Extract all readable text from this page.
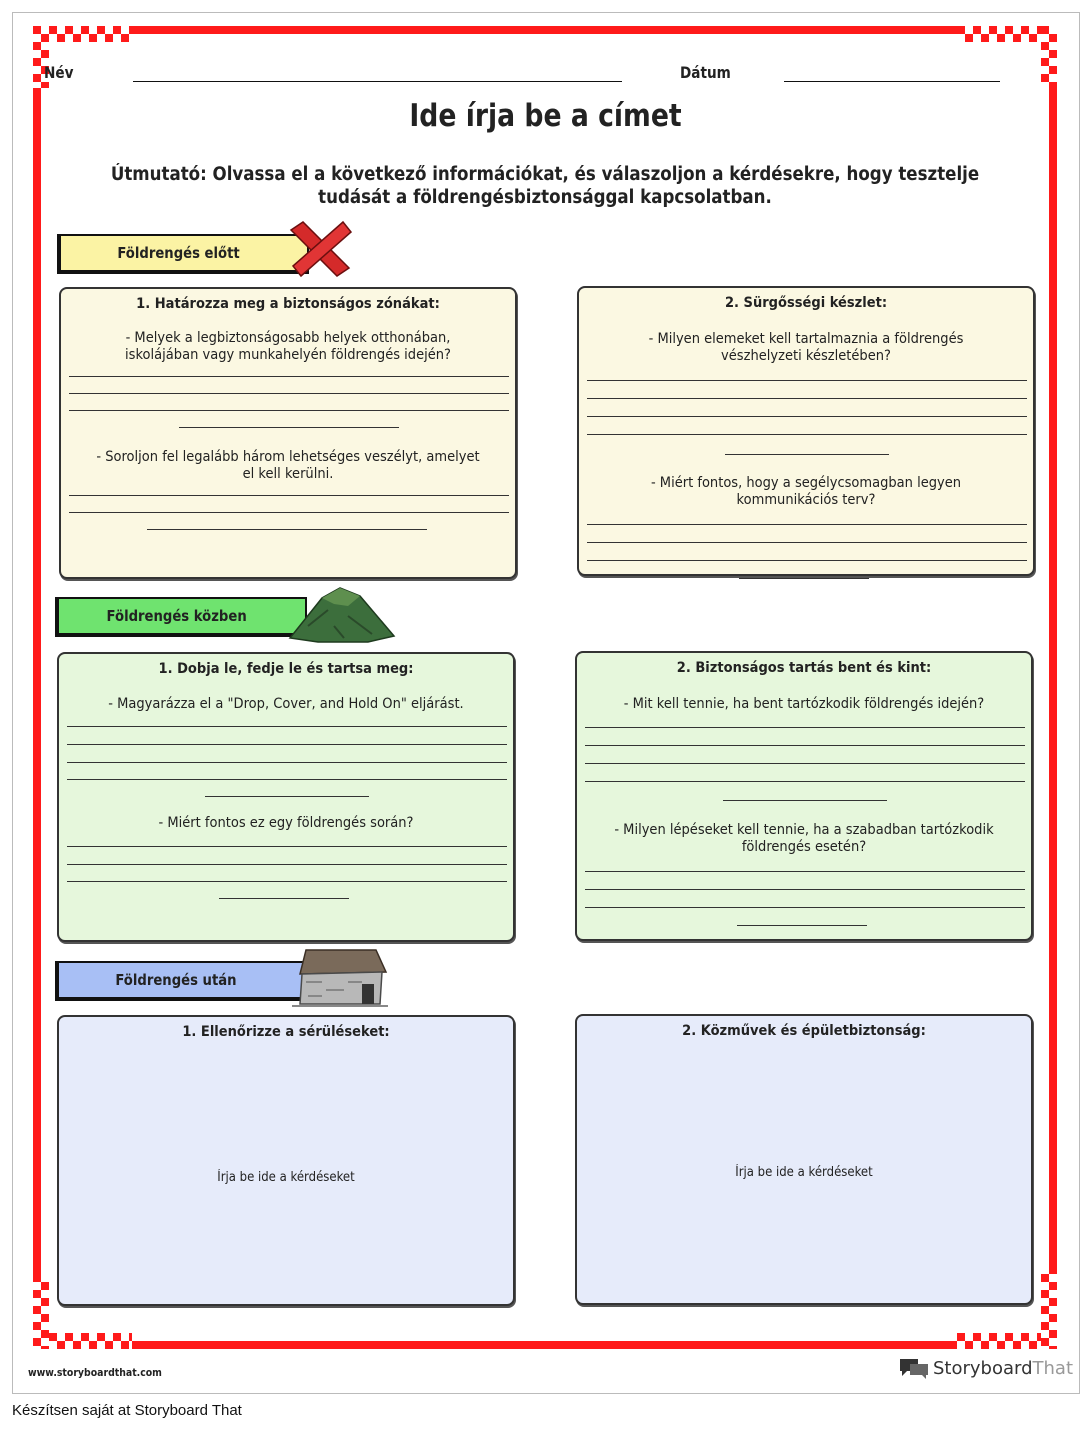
Név	Dátum
Ide írja be a címet
Útmutató: Olvassa el a következő információkat, és válaszoljon a kérdésekre, hogy tesztelje tudását a földrengésbiztonsággal kapcsolatban.
Földrengés előtt
1. Határozza meg a biztonságos zónákat:
- Melyek a legbiztonságosabb helyek otthonában, iskolájában vagy munkahelyén földrengés idején?
- Soroljon fel legalább három lehetséges veszélyt, amelyet el kell kerülni.
2. Sürgősségi készlet:
- Milyen elemeket kell tartalmaznia a földrengés vészhelyzeti készletében?
- Miért fontos, hogy a segélycsomagban legyen kommunikációs terv?
Földrengés közben
1. Dobja le, fedje le és tartsa meg:
- Magyarázza el a "Drop, Cover, and Hold On" eljárást.
- Miért fontos ez egy földrengés során?
2. Biztonságos tartás bent és kint:
- Mit kell tennie, ha bent tartózkodik földrengés idején?
- Milyen lépéseket kell tennie, ha a szabadban tartózkodik földrengés esetén?
Földrengés után
1. Ellenőrizze a sérüléseket:
Írja be ide a kérdéseket
2. Közművek és épületbiztonság:
Írja be ide a kérdéseket
www.storyboardthat.com	Storyboard That
Készítsen saját at Storyboard That
